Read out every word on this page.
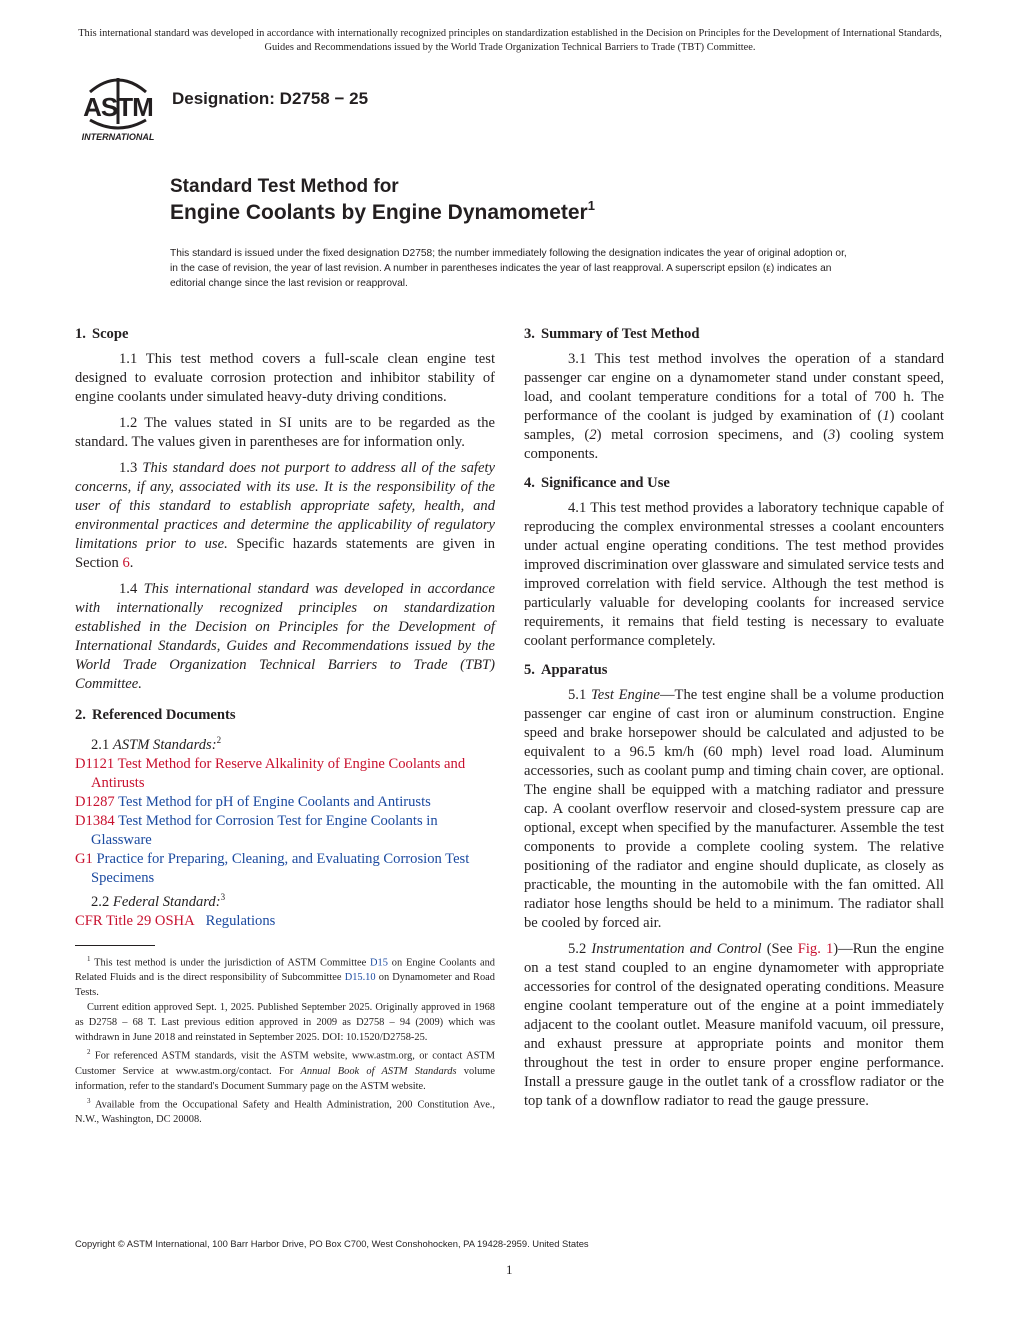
This international standard was developed in accordance with internationally recognized principles on standardization established in the Decision on Principles for the Development of International Standards, Guides and Recommendations issued by the World Trade Organization Technical Barriers to Trade (TBT) Committee.
ASTM
INTERNATIONAL
Designation: D2758 − 25
Standard Test Method for
Engine Coolants by Engine Dynamometer$^1$
This standard is issued under the fixed designation D2758; the number immediately following the designation indicates the year of original adoption or, in the case of revision, the year of last revision. A number in parentheses indicates the year of last reapproval. A superscript epsilon (ε) indicates an editorial change since the last revision or reapproval.
1. Scope

1.1 This test method covers a full-scale clean engine test designed to evaluate corrosion protection and inhibitor stability of engine coolants under simulated heavy-duty driving conditions.

1.2 The values stated in SI units are to be regarded as the standard. The values given in parentheses are for information only.

1.3 This standard does not purport to address all of the safety concerns, if any, associated with its use. It is the responsibility of the user of this standard to establish appropriate safety, health, and environmental practices and determine the applicability of regulatory limitations prior to use. Specific hazards statements are given in Section 6.

1.4 This international standard was developed in accordance with internationally recognized principles on standardization established in the Decision on Principles for the Development of International Standards, Guides and Recommendations issued by the World Trade Organization Technical Barriers to Trade (TBT) Committee.

2. Referenced Documents

2.1 ASTM Standards:$^2$

D1121 Test Method for Reserve Alkalinity of Engine Coolants and Antirusts

D1287 Test Method for pH of Engine Coolants and Antirusts

D1384 Test Method for Corrosion Test for Engine Coolants in Glassware

G1 Practice for Preparing, Cleaning, and Evaluating Corrosion Test Specimens

2.2 Federal Standard:$^3$

CFR Title 29 OSHA Regulations

$^1$ This test method is under the jurisdiction of ASTM Committee D15 on Engine Coolants and Related Fluids and is the direct responsibility of Subcommittee D15.10 on Dynamometer and Road Tests.

Current edition approved Sept. 1, 2025. Published September 2025. Originally approved in 1968 as D2758 – 68 T. Last previous edition approved in 2009 as D2758 – 94 (2009) which was withdrawn in June 2018 and reinstated in September 2025. DOI: 10.1520/D2758-25.

$^2$ For referenced ASTM standards, visit the ASTM website, www.astm.org, or contact ASTM Customer Service at www.astm.org/contact. For Annual Book of ASTM Standards volume information, refer to the standard's Document Summary page on the ASTM website.

$^3$ Available from the Occupational Safety and Health Administration, 200 Constitution Ave., N.W., Washington, DC 20008.

3. Summary of Test Method

3.1 This test method involves the operation of a standard passenger car engine on a dynamometer stand under constant speed, load, and coolant temperature conditions for a total of 700 h. The performance of the coolant is judged by examination of (1) coolant samples, (2) metal corrosion specimens, and (3) cooling system components.

4. Significance and Use

4.1 This test method provides a laboratory technique capable of reproducing the complex environmental stresses a coolant encounters under actual engine operating conditions. The test method provides improved discrimination over glassware and simulated service tests and improved correlation with field service. Although the test method is particularly valuable for developing coolants for increased service requirements, it remains that field testing is necessary to evaluate coolant performance completely.

5. Apparatus

5.1 Test Engine—The test engine shall be a volume production passenger car engine of cast iron or aluminum construction. Engine speed and brake horsepower should be calculated and adjusted to be equivalent to a 96.5 km/h (60 mph) level road load. Aluminum accessories, such as coolant pump and timing chain cover, are optional. The engine shall be equipped with a matching radiator and pressure cap. A coolant overflow reservoir and closed-system pressure cap are optional, except when specified by the manufacturer. Assemble the test components to provide a complete cooling system. The relative positioning of the radiator and engine should duplicate, as closely as practicable, the mounting in the automobile with the fan omitted. All radiator hose lengths should be held to a minimum. The radiator shall be cooled by forced air.

5.2 Instrumentation and Control (See Fig. 1)—Run the engine on a test stand coupled to an engine dynamometer with appropriate accessories for control of the designated operating conditions. Measure engine coolant temperature out of the engine at a point immediately adjacent to the coolant outlet. Measure manifold vacuum, oil pressure, and exhaust pressure at appropriate points and monitor them throughout the test in order to ensure proper engine performance. Install a pressure gauge in the outlet tank of a crossflow radiator or the top tank of a downflow radiator to read the gauge pressure.

Copyright © ASTM International, 100 Barr Harbor Drive, PO Box C700, West Conshohocken, PA 19428-2959. United States
1
